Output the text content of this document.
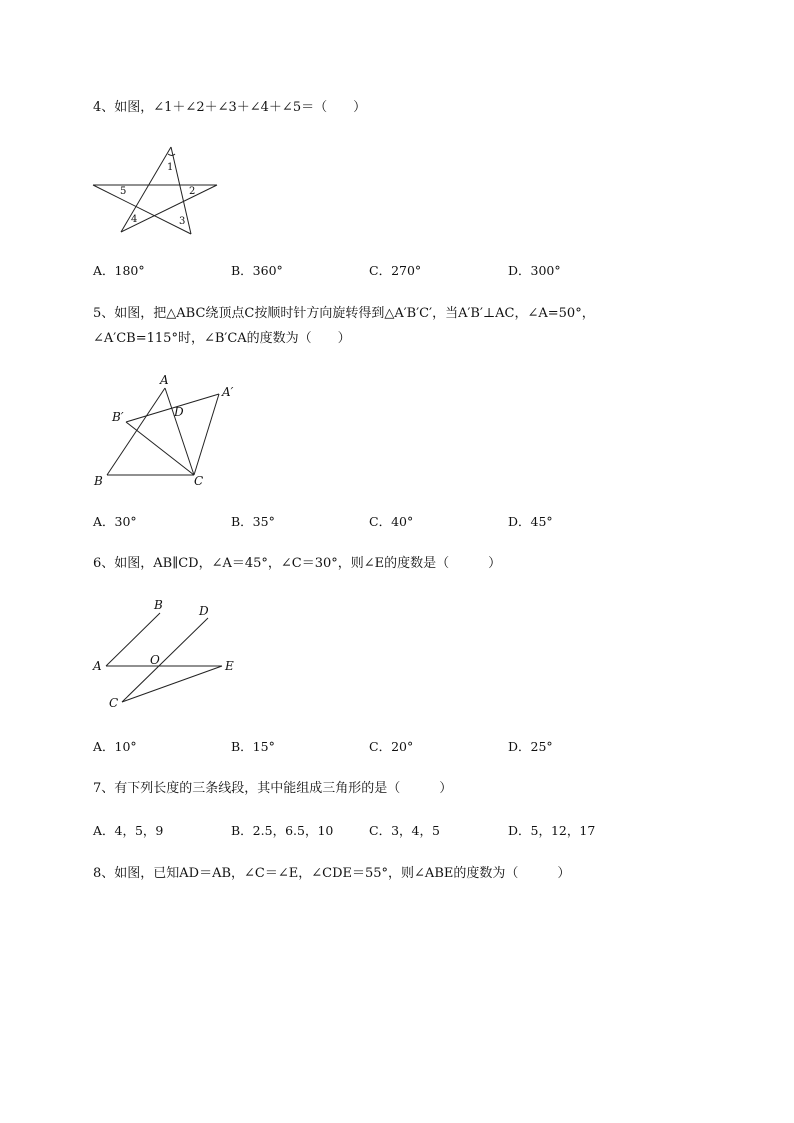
4、如图，∠1＋∠2＋∠3＋∠4＋∠5＝（　　）
1
2
3
4
5
A．180°	B．360°	C．270°	D．300°
5、如图，把△ABC绕顶点C按顺时针方向旋转得到△A′B′C′，当A′B′⊥AC，∠A=50°，
∠A′CB=115°时，∠B′CA的度数为（　　）
A
A′
B′	D
B	C
A．30°	B．35°	C．40°	D．45°
6、如图，AB∥CD，∠A＝45°，∠C＝30°，则∠E的度数是（　　　）
B	D
A	O	E
C
A．10°	B．15°	C．20°	D．25°
7、有下列长度的三条线段，其中能组成三角形的是（　　　）
A．4，5，9	B．2.5，6.5，10	C．3，4，5	D．5，12，17
8、如图，已知AD＝AB，∠C＝∠E，∠CDE＝55°，则∠ABE的度数为（　　　）
